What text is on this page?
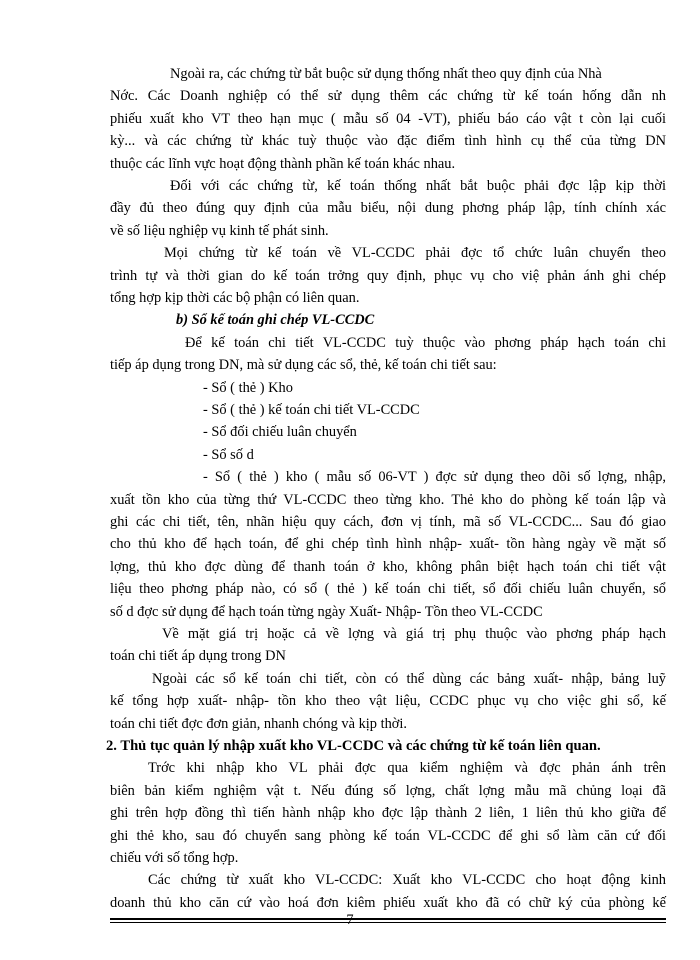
Ngoài ra, các chứng từ bắt buộc sử dụng thống nhất theo quy định của Nhà
Nớc. Các Doanh nghiệp có thể sử dụng thêm các chứng từ kế toán hống dẫn nh
phiếu xuất kho VT theo hạn mục ( mẫu số 04 -VT), phiếu báo cáo vật t còn lại cuối
kỳ... và các chứng từ khác tuỳ thuộc vào đặc điểm tình hình cụ thể của từng DN
thuộc các lĩnh vực hoạt động thành phần kế toán khác nhau.
Đối với các chứng từ, kế toán thống nhất bắt buộc phải đợc lập kịp thời
đầy đủ theo đúng quy định của mẫu biểu, nội dung phơng pháp lập, tính chính xác
về số liệu nghiệp vụ kinh tế phát sinh.
Mọi chứng từ kế toán về VL-CCDC phải đợc tổ chức luân chuyển theo
trình tự và thời gian do kế toán trởng quy định, phục vụ cho việ phản ánh ghi chép
tổng hợp kịp thời các bộ phận có liên quan.
b) Sổ kế toán ghi chép VL-CCDC
Để kế toán chi tiết VL-CCDC tuỳ thuộc vào phơng pháp hạch toán chi
tiếp áp dụng trong DN, mà sử dụng các sổ, thẻ, kế toán chi tiết sau:
- Sổ ( thẻ ) Kho
- Sổ ( thẻ ) kế toán chi tiết VL-CCDC
- Sổ đối chiếu luân chuyển
- Sổ số d
- Sổ ( thẻ ) kho ( mẫu số 06-VT ) đợc sử dụng theo dõi số lợng, nhập,
xuất tồn kho của từng thứ VL-CCDC theo từng kho. Thẻ kho do phòng kế toán lập và
ghi các chi tiết, tên, nhãn hiệu quy cách, đơn vị tính, mã số VL-CCDC... Sau đó giao
cho thủ kho để hạch toán, để ghi chép tình hình nhập- xuất- tồn hàng ngày về mặt số
lợng, thủ kho đợc dùng để thanh toán ở kho, không phân biệt hạch toán chi tiết vật
liệu theo phơng pháp nào, có sổ ( thẻ ) kế toán chi tiết, sổ đối chiếu luân chuyển, sổ
số d đợc sử dụng để hạch toán từng ngày Xuất- Nhập- Tồn theo VL-CCDC
Về mặt giá trị hoặc cả về lợng và giá trị phụ thuộc vào phơng pháp hạch
toán chi tiết áp dụng trong DN
Ngoài các sổ kế toán chi tiết, còn có thể dùng các bảng xuất- nhập, bảng luỹ
kế tổng hợp xuất- nhập- tồn kho theo vật liệu, CCDC phục vụ cho việc ghi sổ, kế
toán chi tiết đợc đơn giản, nhanh chóng và kịp thời.
2. Thủ tục quản lý nhập xuất kho VL-CCDC và các chứng từ kế toán liên quan.
Trớc khi nhập kho VL phải đợc qua kiểm nghiệm và đợc phản ánh trên
biên bản kiểm nghiệm vật t. Nếu đúng số lợng, chất lợng mẫu mã chủng loại đã
ghi trên hợp đồng thì tiến hành nhập kho đợc lập thành 2 liên, 1 liên thủ kho giữa để
ghi thẻ kho, sau đó chuyển sang phòng kế toán VL-CCDC để ghi sổ làm căn cứ đối
chiếu với số tổng hợp.
Các chứng từ xuất kho VL-CCDC: Xuất kho VL-CCDC cho hoạt động kinh
doanh thủ kho căn cứ vào hoá đơn kiêm phiếu xuất kho đã có chữ ký của phòng kế
7
